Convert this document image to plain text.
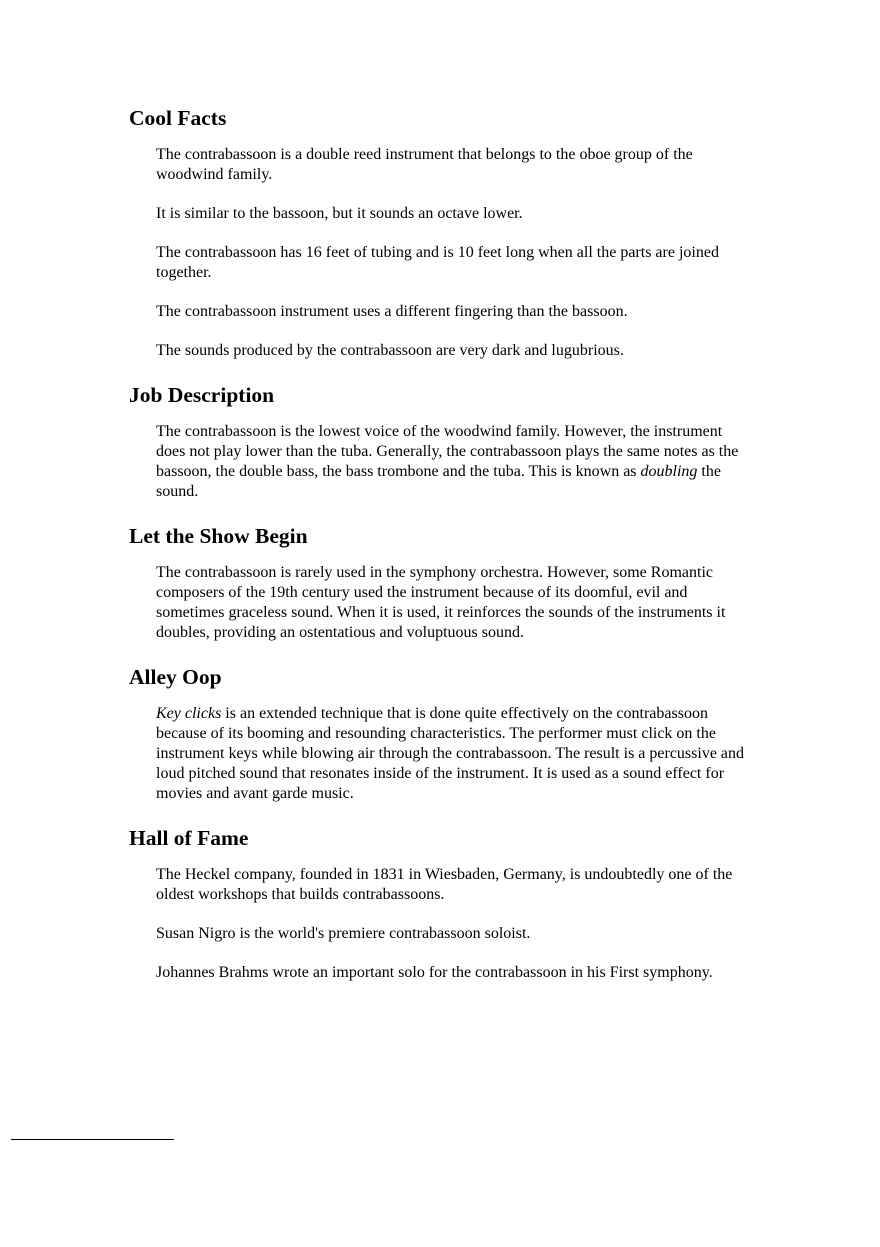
Cool Facts

The contrabassoon is a double reed instrument that belongs to the oboe group of the woodwind family.

It is similar to the bassoon, but it sounds an octave lower.

The contrabassoon has 16 feet of tubing and is 10 feet long when all the parts are joined together.

The contrabassoon instrument uses a different fingering than the bassoon.

The sounds produced by the contrabassoon are very dark and lugubrious.

Job Description

The contrabassoon is the lowest voice of the woodwind family. However, the instrument does not play lower than the tuba. Generally, the contrabassoon plays the same notes as the bassoon, the double bass, the bass trombone and the tuba. This is known as doubling the sound.

Let the Show Begin

The contrabassoon is rarely used in the symphony orchestra. However, some Romantic composers of the 19th century used the instrument because of its doomful, evil and sometimes graceless sound. When it is used, it reinforces the sounds of the instruments it doubles, providing an ostentatious and voluptuous sound.

Alley Oop

Key clicks is an extended technique that is done quite effectively on the contrabassoon because of its booming and resounding characteristics. The performer must click on the instrument keys while blowing air through the contrabassoon. The result is a percussive and loud pitched sound that resonates inside of the instrument. It is used as a sound effect for movies and avant garde music.

Hall of Fame

The Heckel company, founded in 1831 in Wiesbaden, Germany, is undoubtedly one of the oldest workshops that builds contrabassoons.

Susan Nigro is the world's premiere contrabassoon soloist.

Johannes Brahms wrote an important solo for the contrabassoon in his First symphony.
